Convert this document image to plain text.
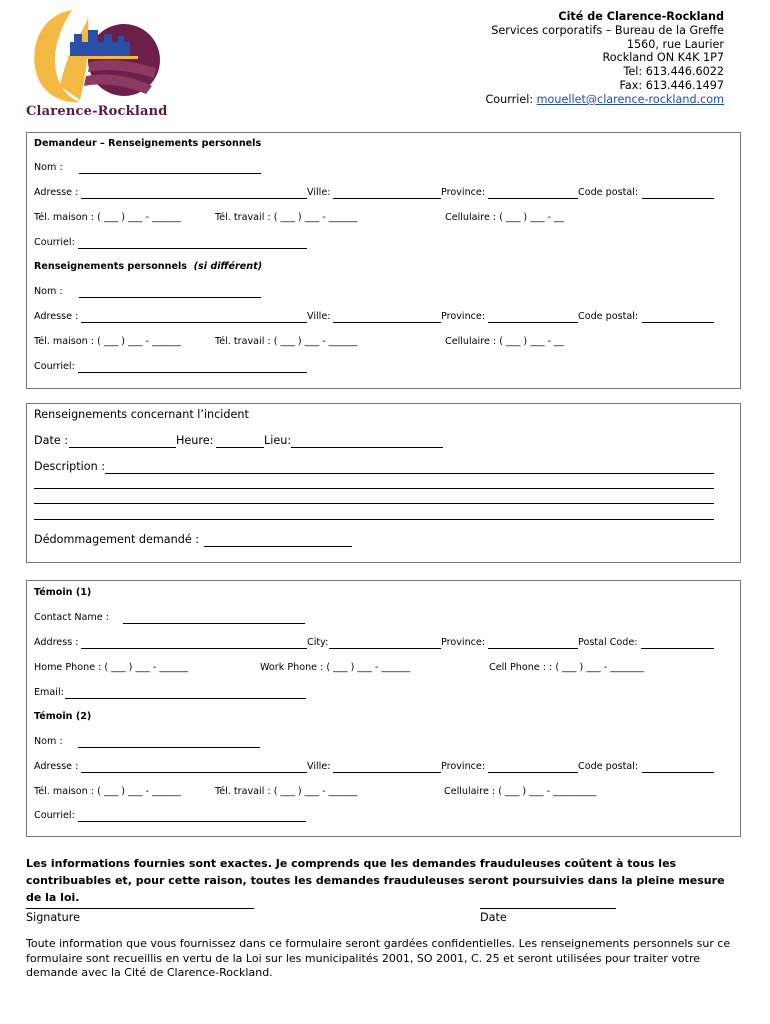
Clarence-Rockland
Cité de Clarence-Rockland
Services corporatifs – Bureau de la Greffe
1560, rue Laurier
Rockland ON K4K 1P7
Tel: 613.446.6022
Fax: 613.446.1497
Courriel: mouellet@clarence-rockland.com
Demandeur – Renseignements personnels
Nom :
Adresse :	Ville:	Province:	Code postal:
Tél. maison : ( ___ ) ___ - ______	Tél. travail : ( ___ ) ___ - ______	Cellulaire : ( ___ ) ___ - __
Courriel:
Renseignements personnels (si différent)
Nom :
Adresse :	Ville:	Province:	Code postal:
Tél. maison : ( ___ ) ___ - ______	Tél. travail : ( ___ ) ___ - ______	Cellulaire : ( ___ ) ___ - __
Courriel:
Renseignements concernant l’incident
Date :	Heure:	Lieu:
Description :
Dédommagement demandé :
Témoin (1)
Contact Name :
Address :	City:	Province:	Postal Code:
Home Phone : ( ___ ) ___ - ______	Work Phone : ( ___ ) ___ - ______	Cell Phone : : ( ___ ) ___ - _______
Email:
Témoin (2)
Nom :
Adresse :	Ville:	Province:	Code postal:
Tél. maison : ( ___ ) ___ - ______	Tél. travail : ( ___ ) ___ - ______	Cellulaire : ( ___ ) ___ - _________
Courriel:
Les informations fournies sont exactes. Je comprends que les demandes frauduleuses coûtent à tous les contribuables et, pour cette raison, toutes les demandes frauduleuses seront poursuivies dans la pleine mesure de la loi.
Signature	Date
Toute information que vous fournissez dans ce formulaire seront gardées confidentielles. Les renseignements personnels sur ce formulaire sont recueillis en vertu de la Loi sur les municipalités 2001, SO 2001, C. 25 et seront utilisées pour traiter votre demande avec la Cité de Clarence-Rockland.
